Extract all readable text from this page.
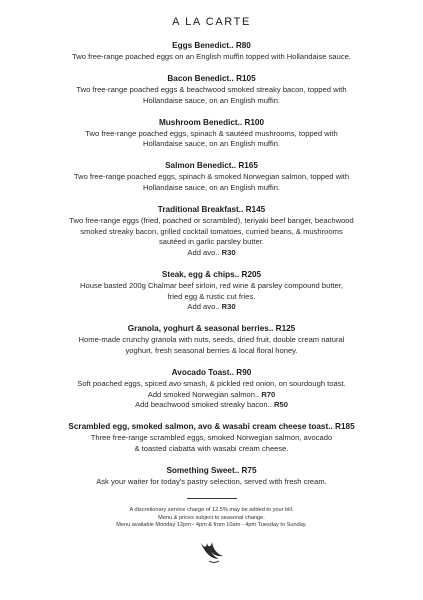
A LA CARTE
Eggs Benedict.. R80
Two free-range poached eggs on an English muffin topped with Hollandaise sauce.
Bacon Benedict.. R105
Two free-range poached eggs & beachwood smoked streaky bacon, topped with
Hollandaise sauce, on an English muffin.
Mushroom Benedict.. R100
Two free-range poached eggs, spinach & sautéed mushrooms, topped with
Hollandaise sauce, on an English muffin.
Salmon Benedict.. R165
Two free-range poached eggs, spinach & smoked Norwegian salmon, topped with
Hollandaise sauce, on an English muffin.
Traditional Breakfast.. R145
Two free-range eggs (fried, poached or scrambled), teriyaki beef banger, beachwood
smoked streaky bacon, grilled cocktail tomatoes, curried beans, & mushrooms
sautéed in garlic parsley butter.
Add avo.. R30
Steak, egg & chips.. R205
House basted 200g Chalmar beef sirloin, red wine & parsley compound butter,
fried egg & rustic cut fries.
Add avo.. R30
Granola, yoghurt & seasonal berries.. R125
Home-made crunchy granola with nuts, seeds, dried fruit, double cream natural
yoghurt, fresh seasonal berries & local floral honey.
Avocado Toast.. R90
Soft poached eggs, spiced avo smash, & pickled red onion, on sourdough toast.
Add smoked Norwegian salmon.. R70
Add beachwood smoked streaky bacon.. R50
Scrambled egg, smoked salmon, avo & wasabi cream cheese toast.. R185
Three free-range scrambled eggs, smoked Norwegian salmon, avocado
& toasted ciabatta with wasabi cream cheese.
Something Sweet.. R75
Ask your waiter for today's pastry selection, served with fresh cream.

A discretionary service charge of 12.5% may be added to your bill.

Menu & prices subject to seasonal change.

Menu available Monday 12pm - 4pm & from 10am - 4pm Tuesday to Sunday.
